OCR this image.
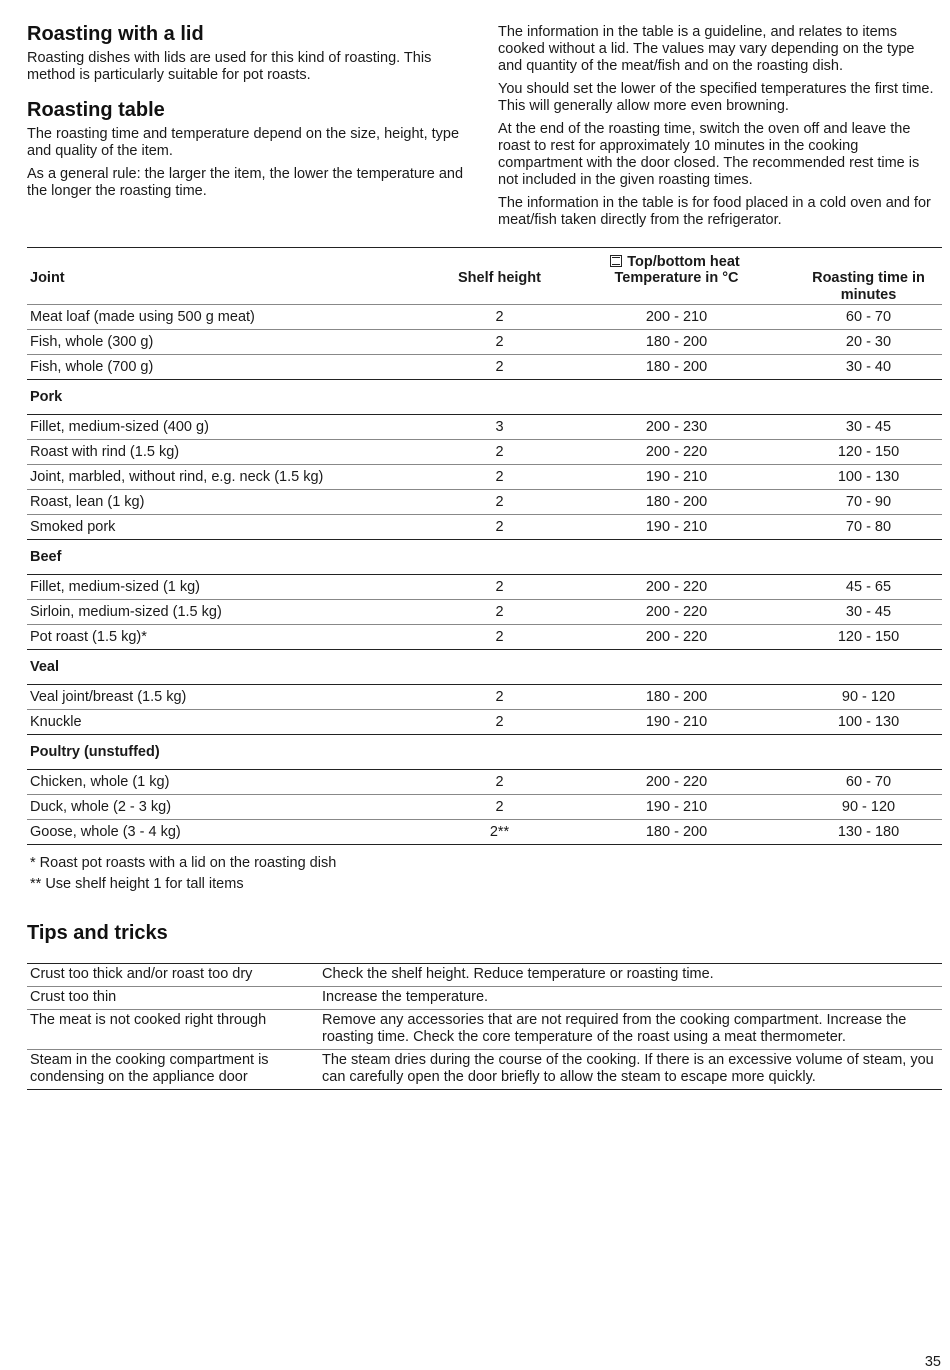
Roasting with a lid

Roasting dishes with lids are used for this kind of roasting. This method is particularly suitable for pot roasts.

Roasting table

The roasting time and temperature depend on the size, height, type and quality of the item.

As a general rule: the larger the item, the lower the temperature and the longer the roasting time.

The information in the table is a guideline, and relates to items cooked without a lid. The values may vary depending on the type and quantity of the meat/fish and on the roasting dish.

You should set the lower of the specified temperatures the first time. This will generally allow more even browning.

At the end of the roasting time, switch the oven off and leave the roast to rest for approximately 10 minutes in the cooking compartment with the door closed. The recommended rest time is not included in the given roasting times.

The information in the table is for food placed in a cold oven and for meat/fish taken directly from the refrigerator.

		Top/bottom heat	
Joint	Shelf height	Temperature in °C	Roasting time in minutes
Meat loaf (made using 500 g meat)	2	200 - 210	60 - 70
Fish, whole (300 g)	2	180 - 200	20 - 30
Fish, whole (700 g)	2	180 - 200	30 - 40
Pork			
Fillet, medium-sized (400 g)	3	200 - 230	30 - 45
Roast with rind (1.5 kg)	2	200 - 220	120 - 150
Joint, marbled, without rind, e.g. neck (1.5 kg)	2	190 - 210	100 - 130
Roast, lean (1 kg)	2	180 - 200	70 - 90
Smoked pork	2	190 - 210	70 - 80
Beef			
Fillet, medium-sized (1 kg)	2	200 - 220	45 - 65
Sirloin, medium-sized (1.5 kg)	2	200 - 220	30 - 45
Pot roast (1.5 kg)*	2	200 - 220	120 - 150
Veal			
Veal joint/breast (1.5 kg)	2	180 - 200	90 - 120
Knuckle	2	190 - 210	100 - 130
Poultry (unstuffed)			
Chicken, whole (1 kg)	2	200 - 220	60 - 70
Duck, whole (2 - 3 kg)	2	190 - 210	90 - 120
Goose, whole (3 - 4 kg)	2**	180 - 200	130 - 180

* Roast pot roasts with a lid on the roasting dish
** Use shelf height 1 for tall items
Tips and tricks
Crust too thick and/or roast too dry	Check the shelf height. Reduce temperature or roasting time.
Crust too thin	Increase the temperature.
The meat is not cooked right through	Remove any accessories that are not required from the cooking compartment. Increase the roasting time. Check the core temperature of the roast using a meat thermometer.
Steam in the cooking compartment is condensing on the appliance door	The steam dries during the course of the cooking. If there is an excessive volume of steam, you can carefully open the door briefly to allow the steam to escape more quickly.
35
